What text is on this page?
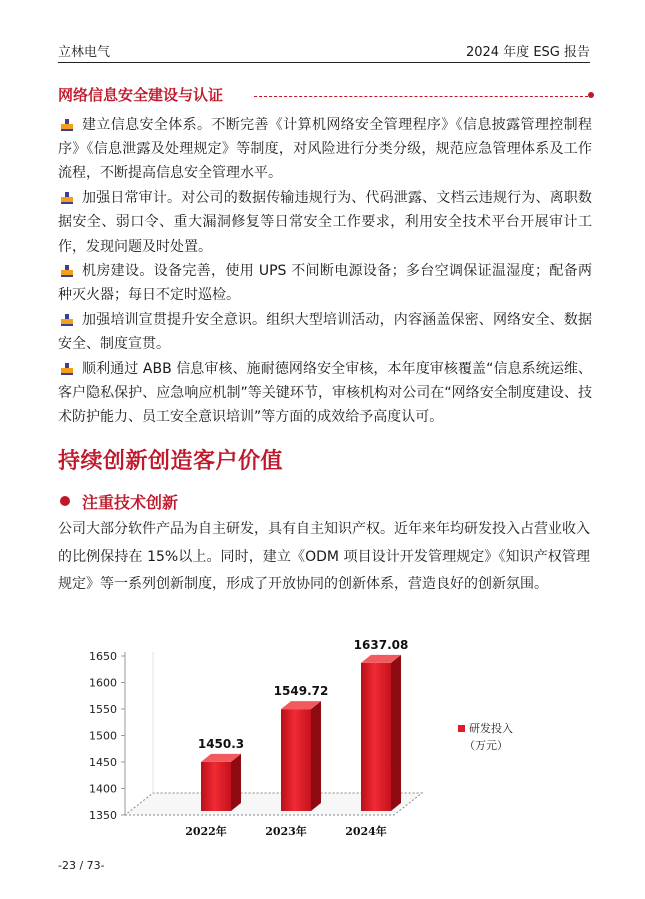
立林电气	2024 年度 ESG 报告
网络信息安全建设与认证

建立信息安全体系。不断完善《计算机网络安全管理程序》《信息披露管理控制程序》《信息泄露及处理规定》等制度，对风险进行分类分级，规范应急管理体系及工作流程，不断提高信息安全管理水平。

加强日常审计。对公司的数据传输违规行为、代码泄露、文档云违规行为、离职数据安全、弱口令、重大漏洞修复等日常安全工作要求，利用安全技术平台开展审计工作，发现问题及时处置。

机房建设。设备完善，使用 UPS 不间断电源设备；多台空调保证温湿度；配备两种灭火器；每日不定时巡检。

加强培训宣贯提升安全意识。组织大型培训活动，内容涵盖保密、网络安全、数据安全、制度宣贯。

顺利通过 ABB 信息审核、施耐德网络安全审核，本年度审核覆盖“信息系统运维、客户隐私保护、应急响应机制”等关键环节，审核机构对公司在“网络安全制度建设、技术防护能力、员工安全意识培训”等方面的成效给予高度认可。

持续创新创造客户价值
注重技术创新

公司大部分软件产品为自主研发，具有自主知识产权。近年来年均研发投入占营业收入的比例保持在 15%以上。同时，建立《ODM 项目设计开发管理规定》《知识产权管理规定》等一系列创新制度，形成了开放协同的创新体系，营造良好的创新氛围。

1650
1600
1550
1500
1450
1400
1350
2022年	2023年	2024年
1450.3
1549.72
1637.08
研发投入
（万元）
-23 / 73-
